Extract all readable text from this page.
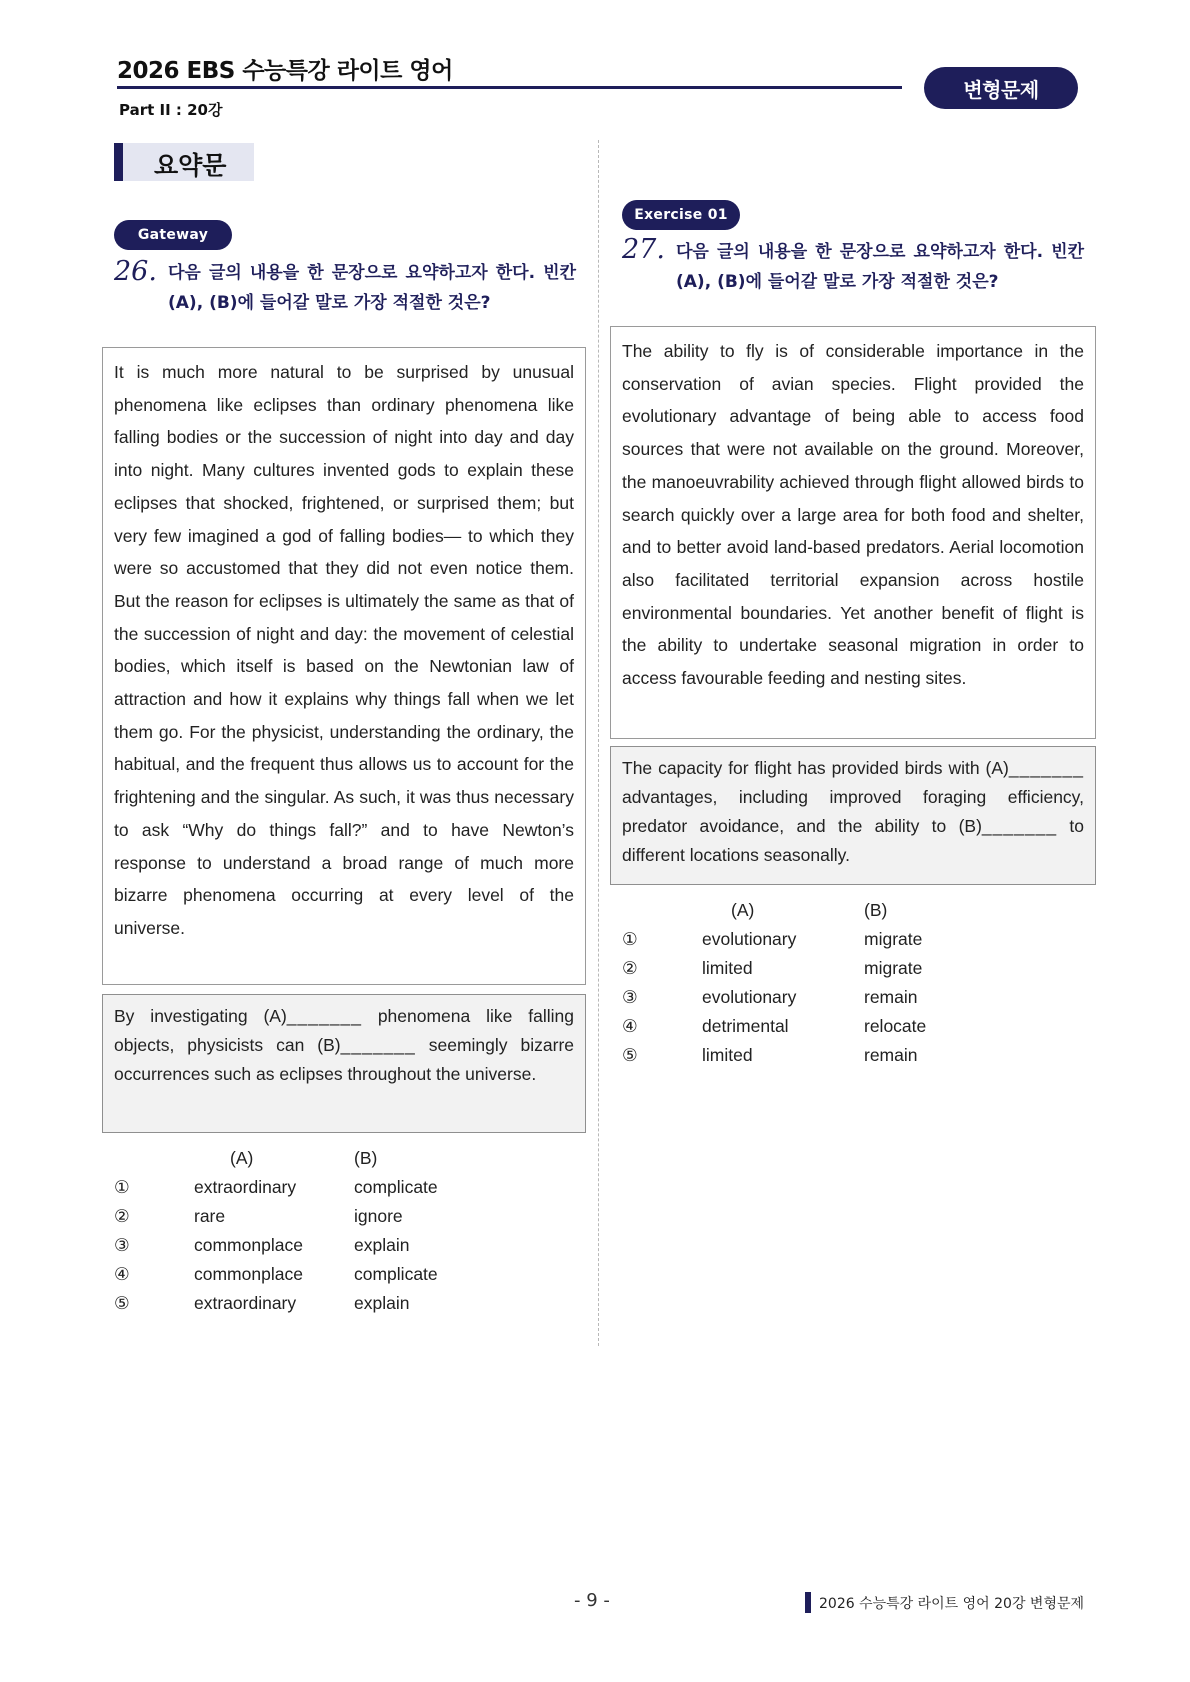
2026 EBS 수능특강 라이트 영어
Part II : 20강
변형문제
요약문
Gateway
26. 다음 글의 내용을 한 문장으로 요약하고자 한다. 빈칸
(A), (B)에 들어갈 말로 가장 적절한 것은?
It is much more natural to be surprised by unusual phenomena like eclipses than ordinary phenomena like falling bodies or the succession of night into day and day into night. Many cultures invented gods to explain these eclipses that shocked, frightened, or surprised them; but very few imagined a god of falling bodies— to which they were so accustomed that they did not even notice them. But the reason for eclipses is ultimately the same as that of the succession of night and day: the movement of celestial bodies, which itself is based on the Newtonian law of attraction and how it explains why things fall when we let them go. For the physicist, understanding the ordinary, the habitual, and the frequent thus allows us to account for the frightening and the singular. As such, it was thus necessary to ask “Why do things fall?” and to have Newton’s response to understand a broad range of much more bizarre phenomena occurring at every level of the universe.
By investigating (A)_______ phenomena like falling objects, physicists can (B)_______ seemingly bizarre occurrences such as eclipses throughout the universe.
(A)	(B)
①	extraordinary	complicate
②	rare	ignore
③	commonplace	explain
④	commonplace	complicate
⑤	extraordinary	explain
Exercise 01
27. 다음 글의 내용을 한 문장으로 요약하고자 한다. 빈칸
(A), (B)에 들어갈 말로 가장 적절한 것은?
The ability to fly is of considerable importance in the conservation of avian species. Flight provided the evolutionary advantage of being able to access food sources that were not available on the ground. Moreover, the manoeuvrability achieved through flight allowed birds to search quickly over a large area for both food and shelter, and to better avoid land-based predators. Aerial locomotion also facilitated territorial expansion across hostile environmental boundaries. Yet another benefit of flight is the ability to undertake seasonal migration in order to access favourable feeding and nesting sites.
The capacity for flight has provided birds with (A)_______ advantages, including improved foraging efficiency, predator avoidance, and the ability to (B)_______ to different locations seasonally.
(A)	(B)
①	evolutionary	migrate
②	limited	migrate
③	evolutionary	remain
④	detrimental	relocate
⑤	limited	remain
- 9 -	2026 수능특강 라이트 영어 20강 변형문제
